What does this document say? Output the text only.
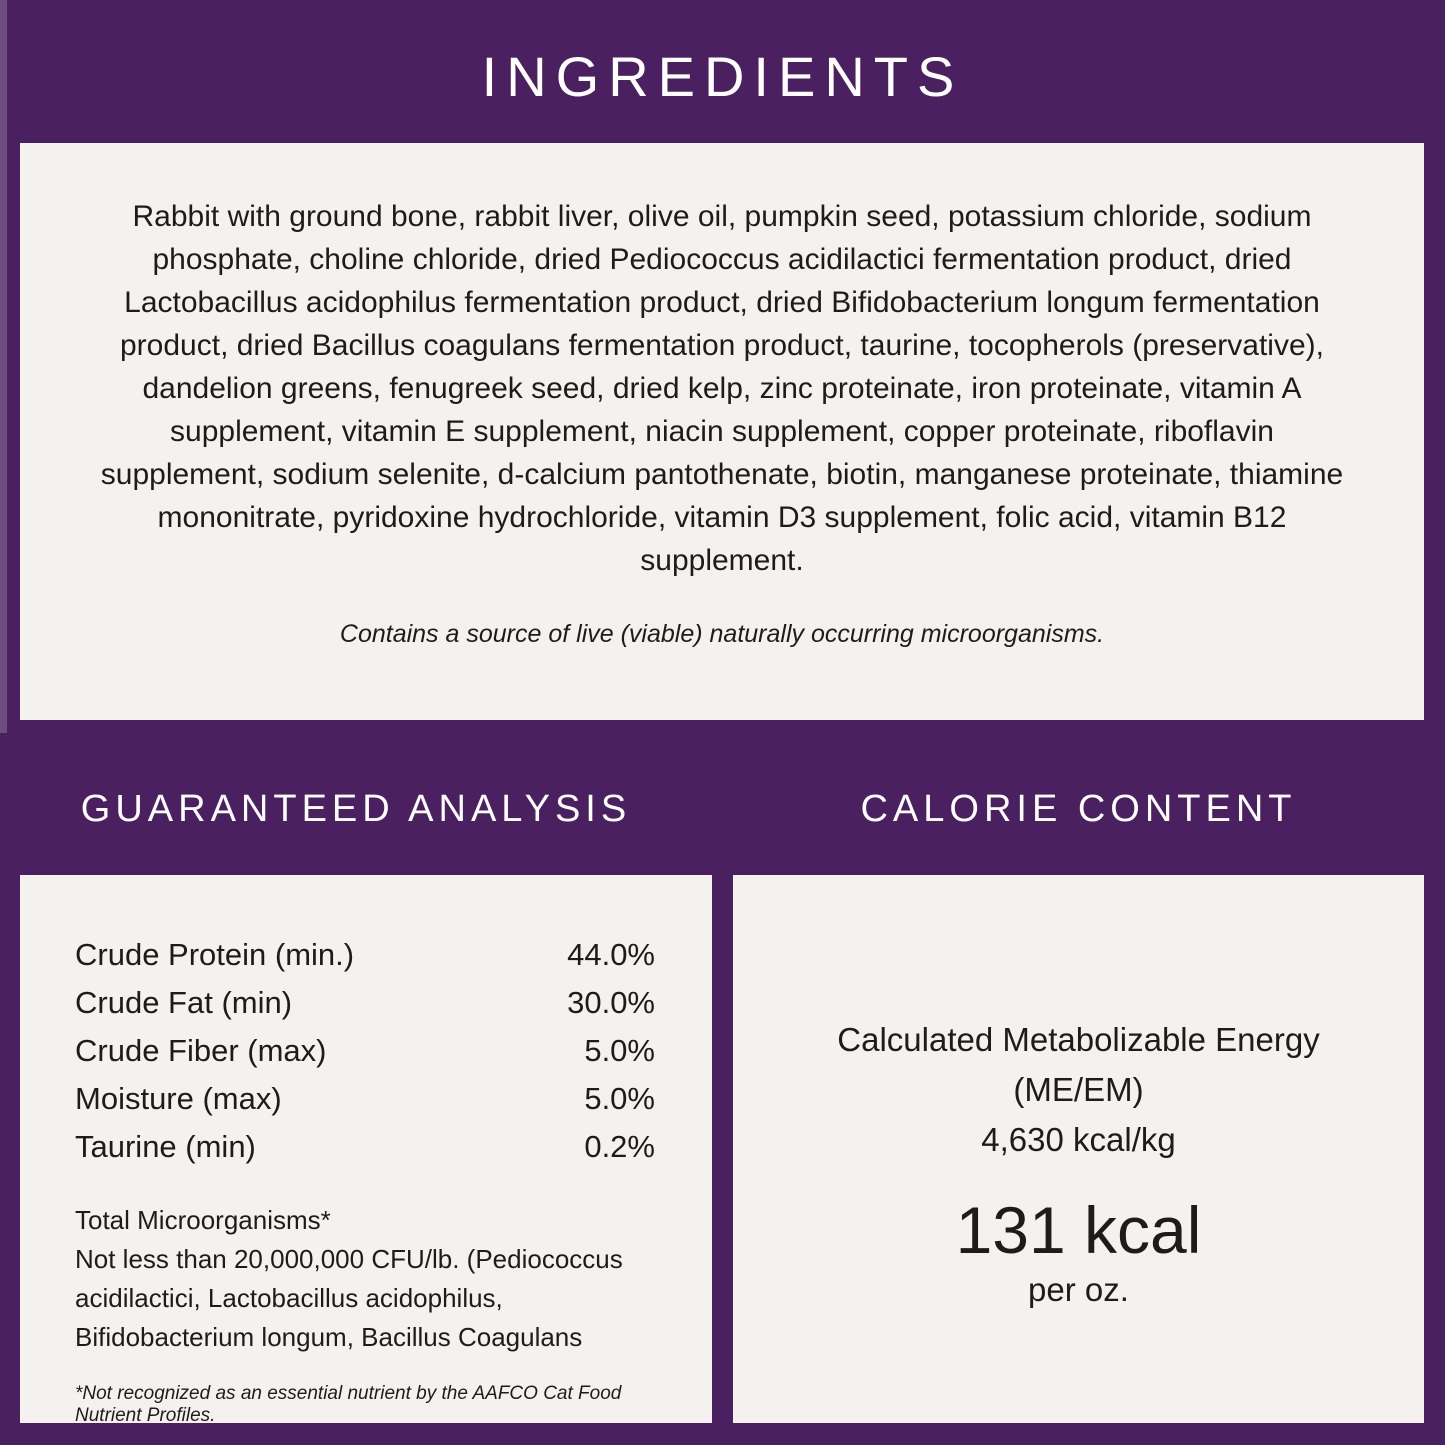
INGREDIENTS

Rabbit with ground bone, rabbit liver, olive oil, pumpkin seed, potassium chloride, sodium phosphate, choline chloride, dried Pediococcus acidilactici fermentation product, dried Lactobacillus acidophilus fermentation product, dried Bifidobacterium longum fermentation product, dried Bacillus coagulans fermentation product, taurine, tocopherols (preservative), dandelion greens, fenugreek seed, dried kelp, zinc proteinate, iron proteinate, vitamin A supplement, vitamin E supplement, niacin supplement, copper proteinate, riboflavin supplement, sodium selenite, d-calcium pantothenate, biotin, manganese proteinate, thiamine mononitrate, pyridoxine hydrochloride, vitamin D3 supplement, folic acid, vitamin B12 supplement.

Contains a source of live (viable) naturally occurring microorganisms.

GUARANTEED ANALYSIS	CALORIE CONTENT
Crude Protein (min.)	44.0%
Crude Fat (min)	30.0%
Crude Fiber (max)	5.0%
Moisture (max)	5.0%
Taurine (min)	0.2%
Total Microorganisms*
Not less than 20,000,000 CFU/lb. (Pediococcus acidilactici, Lactobacillus acidophilus, Bifidobacterium longum, Bacillus Coagulans
*Not recognized as an essential nutrient by the AAFCO Cat Food Nutrient Profiles.

Calculated Metabolizable Energy (ME/EM)

4,630 kcal/kg

131 kcal

per oz.
